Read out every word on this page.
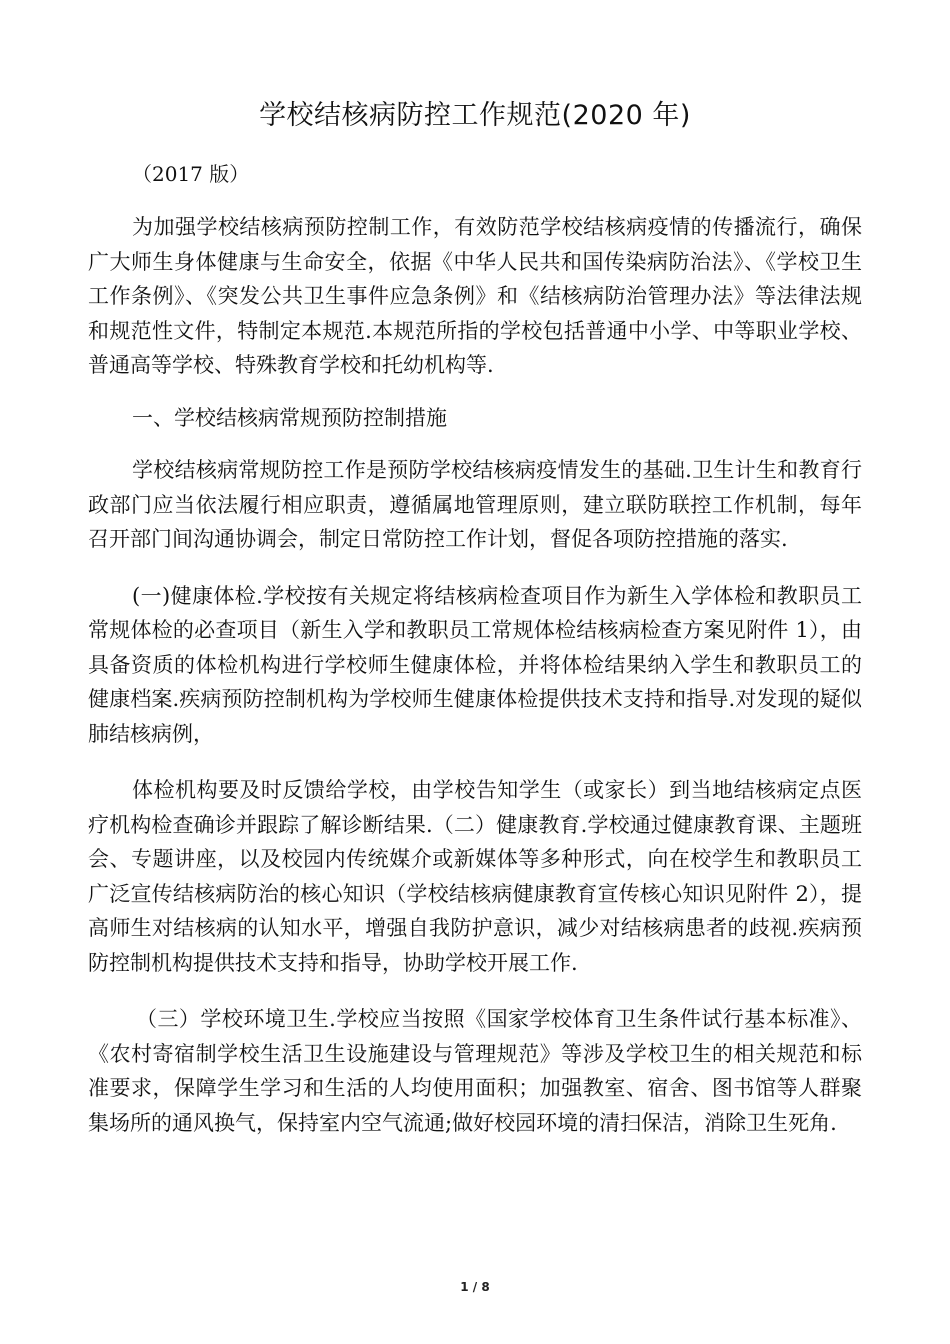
学校结核病防控工作规范(2020 年)
（2017 版）

为加强学校结核病预防控制工作，有效防范学校结核病疫情的传播流行，确保广大师生身体健康与生命安全，依据《中华人民共和国传染病防治法》、《学校卫生工作条例》、《突发公共卫生事件应急条例》和《结核病防治管理办法》等法律法规和规范性文件，特制定本规范.本规范所指的学校包括普通中小学、中等职业学校、普通高等学校、特殊教育学校和托幼机构等.

一、学校结核病常规预防控制措施

学校结核病常规防控工作是预防学校结核病疫情发生的基础.卫生计生和教育行政部门应当依法履行相应职责，遵循属地管理原则，建立联防联控工作机制，每年召开部门间沟通协调会，制定日常防控工作计划，督促各项防控措施的落实.

(一)健康体检.学校按有关规定将结核病检查项目作为新生入学体检和教职员工常规体检的必查项目（新生入学和教职员工常规体检结核病检查方案见附件 1），由具备资质的体检机构进行学校师生健康体检，并将体检结果纳入学生和教职员工的健康档案.疾病预防控制机构为学校师生健康体检提供技术支持和指导.对发现的疑似肺结核病例，

体检机构要及时反馈给学校，由学校告知学生（或家长）到当地结核病定点医疗机构检查确诊并跟踪了解诊断结果.（二）健康教育.学校通过健康教育课、主题班会、专题讲座，以及校园内传统媒介或新媒体等多种形式，向在校学生和教职员工广泛宣传结核病防治的核心知识（学校结核病健康教育宣传核心知识见附件 2），提高师生对结核病的认知水平，增强自我防护意识，减少对结核病患者的歧视.疾病预防控制机构提供技术支持和指导，协助学校开展工作.

（三）学校环境卫生.学校应当按照《国家学校体育卫生条件试行基本标准》、《农村寄宿制学校生活卫生设施建设与管理规范》等涉及学校卫生的相关规范和标准要求，保障学生学习和生活的人均使用面积；加强教室、宿舍、图书馆等人群聚集场所的通风换气，保持室内空气流通;做好校园环境的清扫保洁，消除卫生死角.

1 / 8
